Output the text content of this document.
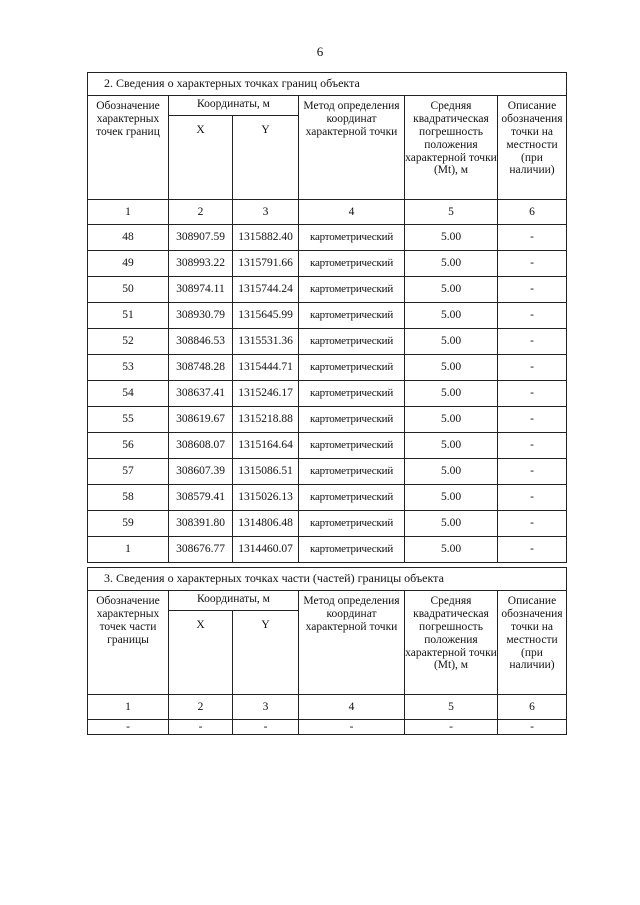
6
2. Сведения о характерных точках границ объекта					
Обозначение характерных точек границ	Координаты, м		Метод определения координат характерной точки	Средняя квадратическая погрешность положения характерной точки (Mt), м	Описание обозначения точки на местности (при наличии)
	X	Y			
1	2	3	4	5	6
48	308907.59	1315882.40	картометрический	5.00	-
49	308993.22	1315791.66	картометрический	5.00	-
50	308974.11	1315744.24	картометрический	5.00	-
51	308930.79	1315645.99	картометрический	5.00	-
52	308846.53	1315531.36	картометрический	5.00	-
53	308748.28	1315444.71	картометрический	5.00	-
54	308637.41	1315246.17	картометрический	5.00	-
55	308619.67	1315218.88	картометрический	5.00	-
56	308608.07	1315164.64	картометрический	5.00	-
57	308607.39	1315086.51	картометрический	5.00	-
58	308579.41	1315026.13	картометрический	5.00	-
59	308391.80	1314806.48	картометрический	5.00	-
1	308676.77	1314460.07	картометрический	5.00	-
3. Сведения о характерных точках части (частей) границы объекта					
Обозначение характерных точек части границы	Координаты, м		Метод определения координат характерной точки	Средняя квадратическая погрешность положения характерной точки (Mt), м	Описание обозначения точки на местности (при наличии)
	X	Y			
1	2	3	4	5	6
-	-	-	-	-	-
